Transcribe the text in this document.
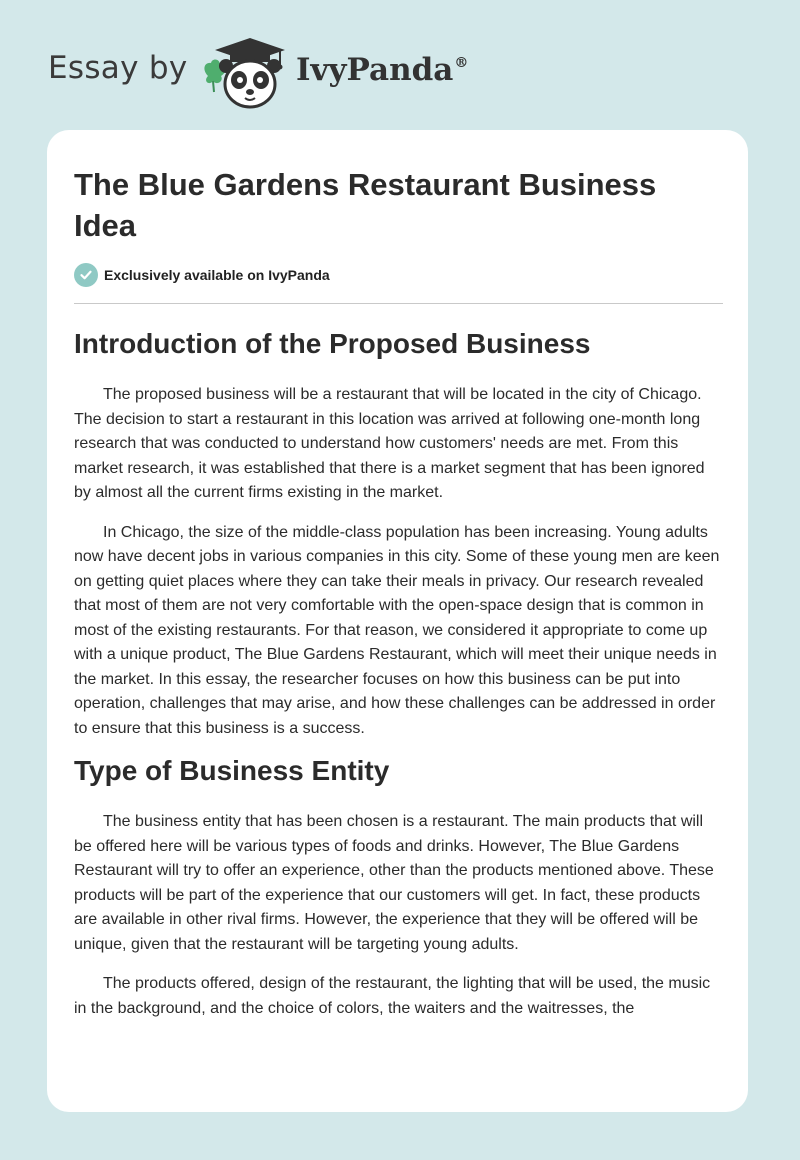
Essay by	IvyPanda®
The Blue Gardens Restaurant Business Idea
Exclusively available on IvyPanda
Introduction of the Proposed Business

The proposed business will be a restaurant that will be located in the city of Chicago. The decision to start a restaurant in this location was arrived at following one-month long research that was conducted to understand how customers' needs are met. From this market research, it was established that there is a market segment that has been ignored by almost all the current firms existing in the market.

In Chicago, the size of the middle-class population has been increasing. Young adults now have decent jobs in various companies in this city. Some of these young men are keen on getting quiet places where they can take their meals in privacy. Our research revealed that most of them are not very comfortable with the open-space design that is common in most of the existing restaurants. For that reason, we considered it appropriate to come up with a unique product, The Blue Gardens Restaurant, which will meet their unique needs in the market. In this essay, the researcher focuses on how this business can be put into operation, challenges that may arise, and how these challenges can be addressed in order to ensure that this business is a success.

Type of Business Entity

The business entity that has been chosen is a restaurant. The main products that will be offered here will be various types of foods and drinks. However, The Blue Gardens Restaurant will try to offer an experience, other than the products mentioned above. These products will be part of the experience that our customers will get. In fact, these products are available in other rival firms. However, the experience that they will be offered will be unique, given that the restaurant will be targeting young adults.

The products offered, design of the restaurant, the lighting that will be used, the music in the background, and the choice of colors, the waiters and the waitresses, the
